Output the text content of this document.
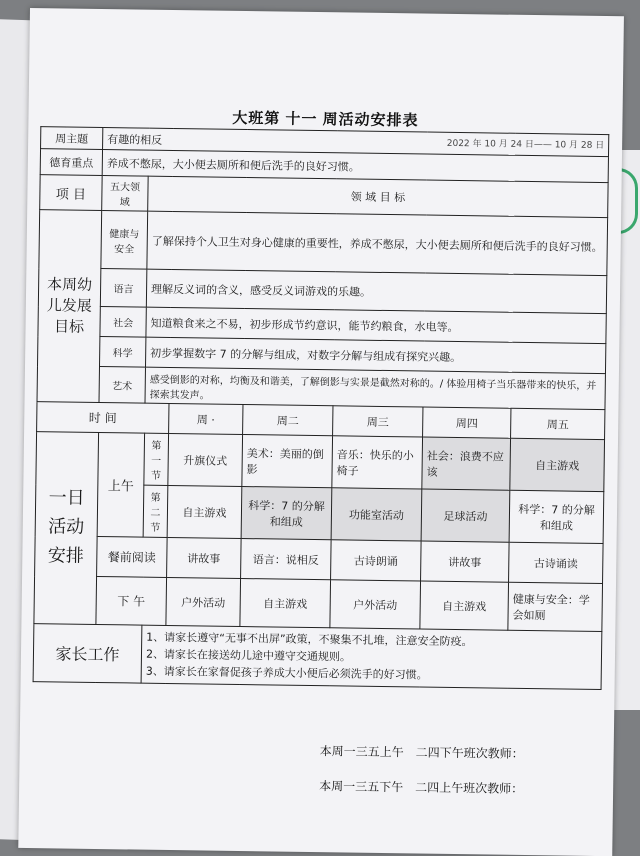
大班第 十一 周活动安排表
周主题	有趣的相反 2022 年 10 月 24 日—— 10 月 28 日						

德育重点	养成不憋尿，大小便去厕所和便后洗手的良好习惯。						
项 目	五大领域	领 域 目 标					
本周幼儿发展目标	健康与安全	了解保持个人卫生对身心健康的重要性，养成不憋尿，大小便去厕所和便后洗手的良好习惯。					
	语言	理解反义词的含义，感受反义词游戏的乐趣。					
	社会	知道粮食来之不易，初步形成节约意识，能节约粮食，水电等。					
	科学	初步掌握数字 7 的分解与组成，对数字分解与组成有探究兴趣。					
	艺术	感受倒影的对称，均衡及和谐美，了解倒影与实景是截然对称的。/ 体验用椅子当乐器带来的快乐，并探索其发声。					
时 间			周 ·	周二	周三	周四	周五
一日活动安排	上午	第一节	升旗仪式	美术：美丽的倒影	音乐：快乐的小椅子	社会：浪费不应该	自主游戏
		第二节	自主游戏	科学：7 的分解和组成	功能室活动	足球活动	科学：7 的分解和组成
	餐前阅读		讲故事	语言：说相反	古诗朗诵	讲故事	古诗诵读
	下 午		户外活动	自主游戏	户外活动	自主游戏	健康与安全：学会如厕
家长工作		1、请家长遵守“无事不出屏”政策，不聚集不扎堆，注意安全防疫。
2、请家长在接送幼儿途中遵守交通规则。
3、请家长在家督促孩子养成大小便后必须洗手的好习惯。					
本周一三五上午　二四下午班次教师：
本周一三五下午　二四上午班次教师：
